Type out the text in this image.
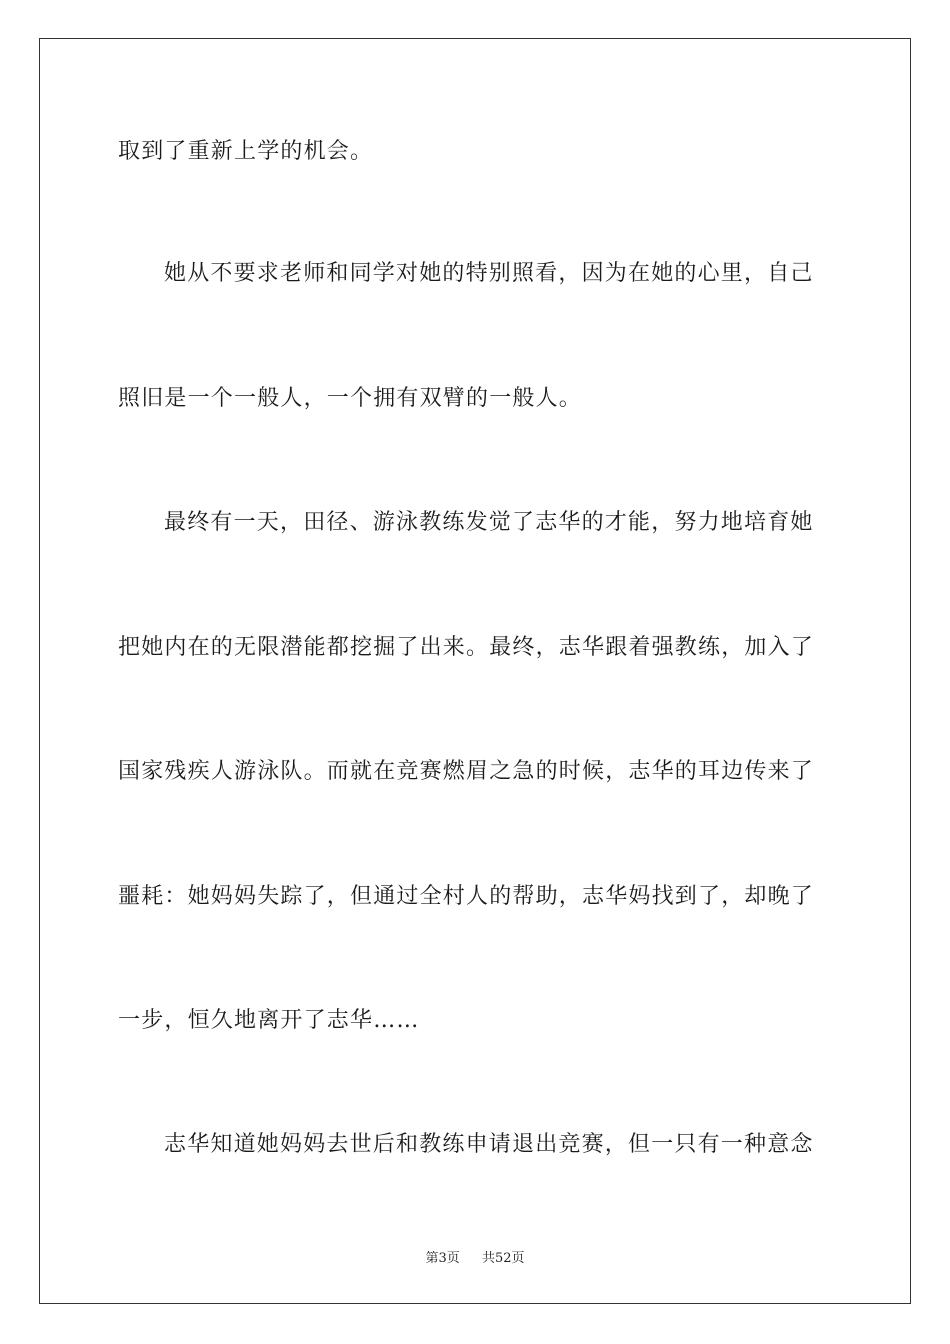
取到了重新上学的机会。
她从不要求老师和同学对她的特别照看，因为在她的心里，自己
照旧是一个一般人，一个拥有双臂的一般人。
最终有一天，田径、游泳教练发觉了志华的才能，努力地培育她
把她内在的无限潜能都挖掘了出来。最终，志华跟着强教练，加入了
国家残疾人游泳队。而就在竞赛燃眉之急的时候，志华的耳边传来了
噩耗：她妈妈失踪了，但通过全村人的帮助，志华妈找到了，却晚了
一步，恒久地离开了志华……
志华知道她妈妈去世后和教练申请退出竞赛，但一只有一种意念
第3页 共52页
